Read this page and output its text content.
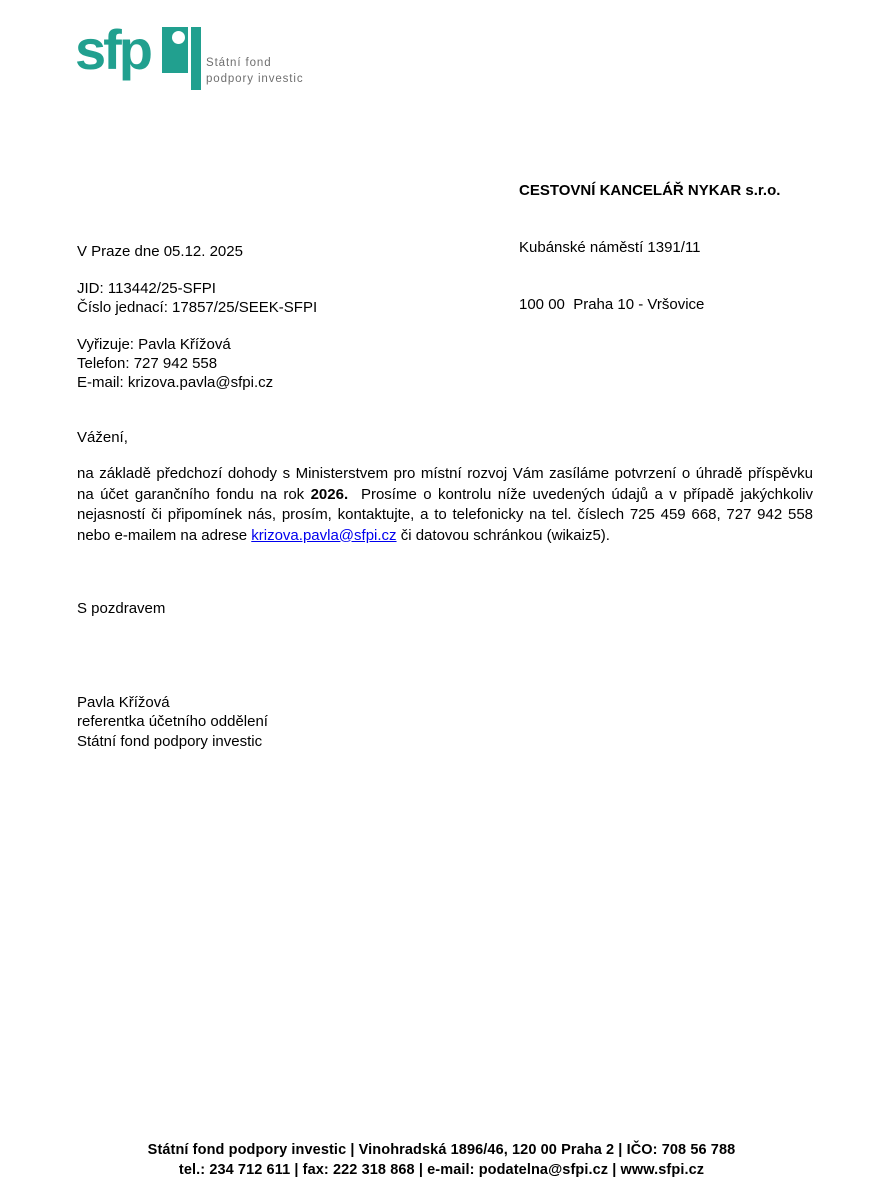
sfp	Státní fond
podpory investic

CESTOVNÍ KANCELÁŘ NYKAR s.r.o.

Kubánské náměstí 1391/11

100 00  Praha 10 - Vršovice

V Praze dne 05.12. 2025
JID: 113442/25-SFPI
Číslo jednací: 17857/25/SEEK-SFPI
Vyřizuje: Pavla Křížová
Telefon: 727 942 558
E-mail: krizova.pavla@sfpi.cz
Vážení,

na základě předchozí dohody s Ministerstvem pro místní rozvoj Vám zasíláme potvrzení o úhradě příspěvku na účet garančního fondu na rok 2026.  Prosíme o kontrolu níže uvedených údajů a v případě jakýchkoliv nejasností či připomínek nás, prosím, kontaktujte, a to telefonicky na tel. číslech 725 459 668, 727 942 558 nebo e-mailem na adrese krizova.pavla@sfpi.cz či datovou schránkou (wikaiz5).

S pozdravem
Pavla Křížová
referentka účetního oddělení
Státní fond podpory investic
Státní fond podpory investic | Vinohradská 1896/46, 120 00 Praha 2 | IČO: 708 56 788
tel.: 234 712 611 | fax: 222 318 868 | e-mail: podatelna@sfpi.cz | www.sfpi.cz
